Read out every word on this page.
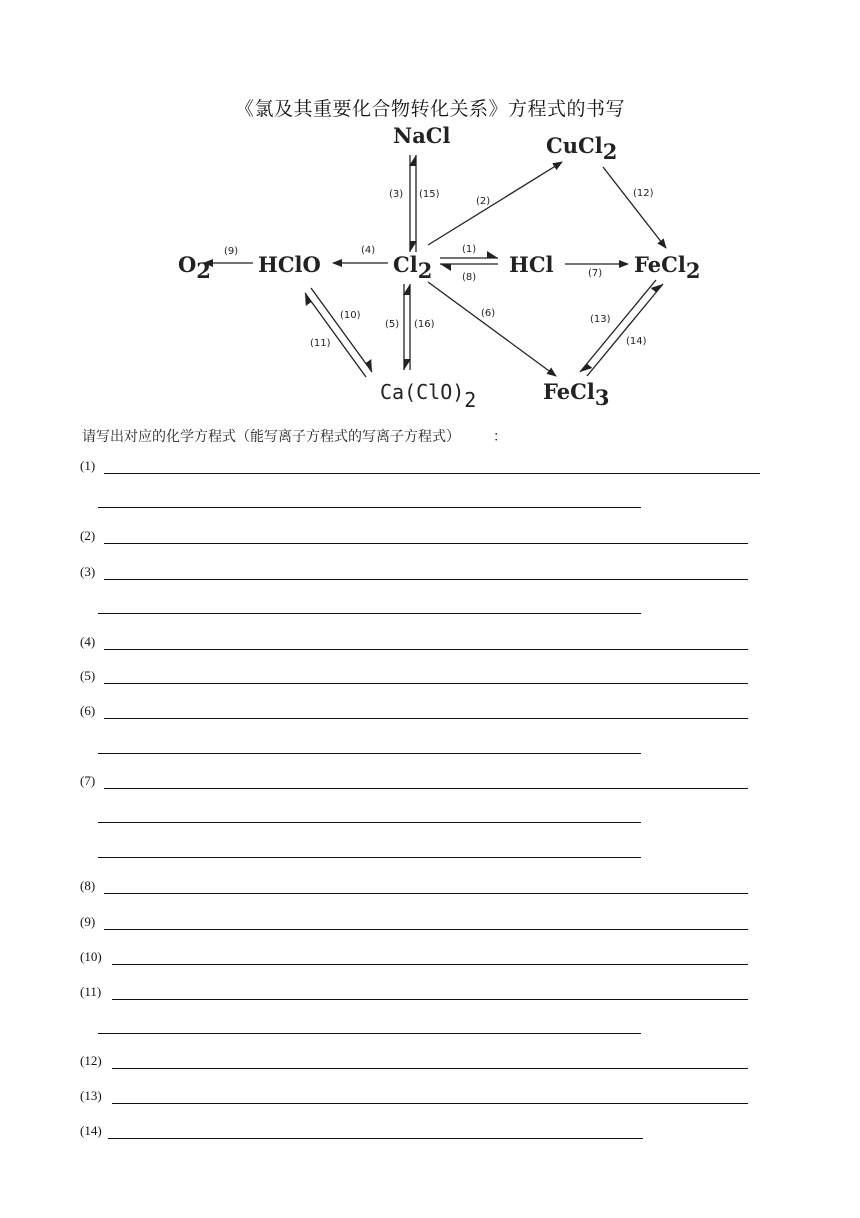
《氯及其重要化合物转化关系》方程式的书写
NaCl	CuCl2
O2 HClO	Cl2	HCl	FeCl2
Ca(ClO)2	FeCl3
(3) (15)
(2)
(12)
(4)
(9)	(1)
(8)	(7)
(6)
(10)
(11)
(5) (16)	(13)
(14)
请写出对应的化学方程式（能写离子方程式的写离子方程式）	：
(1)
(2)
(3)
(4)
(5)
(6)
(7)
(8)
(9)
(10)
(11)
(12)
(13)
(14)
